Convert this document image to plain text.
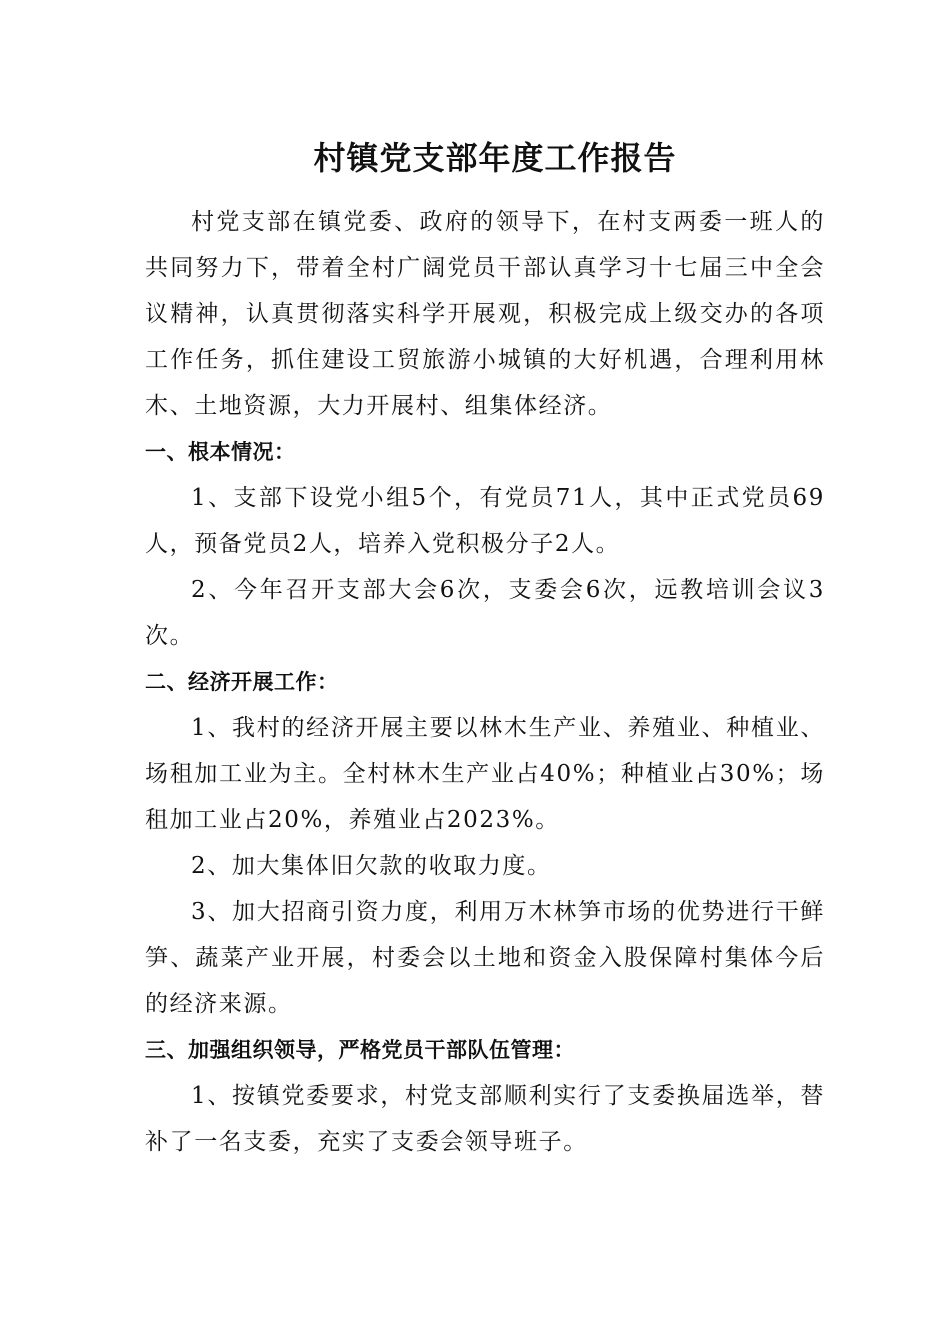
村镇党支部年度工作报告

村党支部在镇党委、政府的领导下，在村支两委一班人的共同努力下，带着全村广阔党员干部认真学习十七届三中全会议精神，认真贯彻落实科学开展观，积极完成上级交办的各项工作任务，抓住建设工贸旅游小城镇的大好机遇，合理利用林木、土地资源，大力开展村、组集体经济。

一、根本情况：

1、支部下设党小组5个，有党员71人，其中正式党员69人，预备党员2人，培养入党积极分子2人。

2、今年召开支部大会6次，支委会6次，远教培训会议3次。

二、经济开展工作：

1、我村的经济开展主要以林木生产业、养殖业、种植业、场租加工业为主。全村林木生产业占40%；种植业占30%；场租加工业占20%，养殖业占2023%。

2、加大集体旧欠款的收取力度。

3、加大招商引资力度，利用万木林笋市场的优势进行干鲜笋、蔬菜产业开展，村委会以土地和资金入股保障村集体今后的经济来源。

三、加强组织领导，严格党员干部队伍管理：

1、按镇党委要求，村党支部顺利实行了支委换届选举，替补了一名支委，充实了支委会领导班子。
